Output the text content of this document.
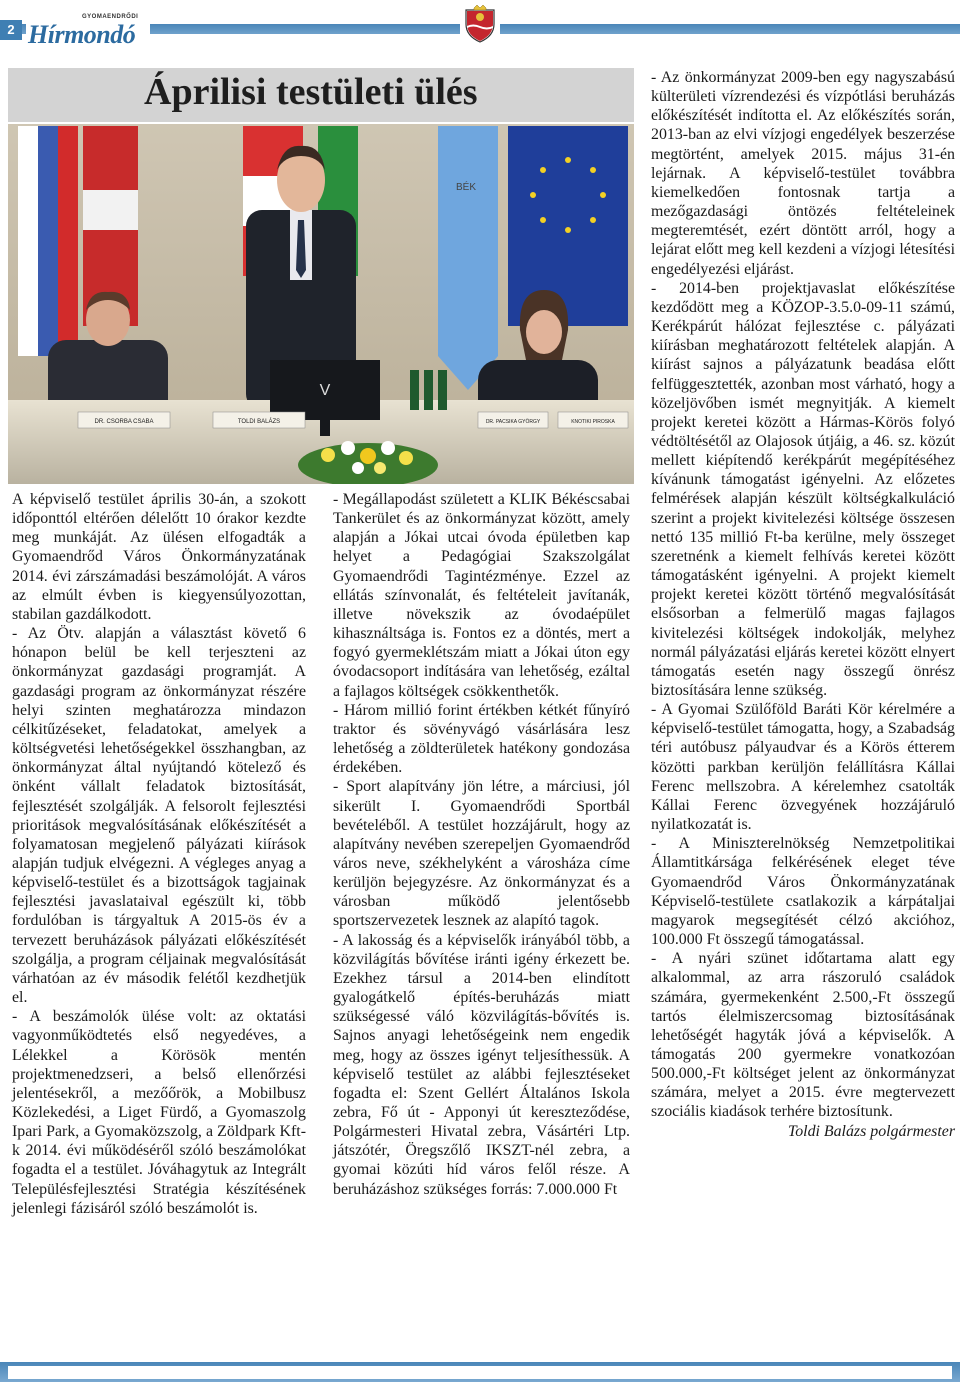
2
GYOMAENDRŐDI
Hírmondó
Áprilisi testületi ülés
BÉK
V
DR. CSORBA CSABA	TOLDI BALÁZS	DR. PACSIKA GYÖRGY	KNOTIKI PIROSKA

A képviselő testület április 30-án, a szokott időponttól eltérően délelőtt 10 órakor kezdte meg munkáját. Az ülésen elfogadták a Gyomaendrőd Város Önkormányzatának 2014. évi zárszámadási beszámolóját. A város az elmúlt évben is kiegyensúlyozottan, stabilan gazdálkodott.

- Az Ötv. alapján a választást követő 6 hónapon belül be kell terjeszteni az önkormányzat gazdasági programját. A gazdasági program az önkormányzat részére helyi szinten meghatározza mindazon célkitűzéseket, feladatokat, amelyek a költségvetési lehetőségekkel összhangban, az önkormányzat által nyújtandó kötelező és önként vállalt feladatok biztosítását, fejlesztését szolgálják. A felsorolt fejlesztési prioritások megvalósításának előkészítését a folyamatosan megjelenő pályázati kiírások alapján tudjuk elvégezni. A végleges anyag a képviselő-testület és a bizottságok tagjainak fejlesztési javaslataival egészült ki, több fordulóban is tárgyaltuk A 2015-ös év a tervezett beruházások pályázati előkészítését szolgálja, a program céljainak megvalósítását várhatóan az év második felétől kezdhetjük el.

- A beszámolók ülése volt: az oktatási vagyonműködtetés első negyedéves, a Lélekkel a Körösök mentén projektmenedzseri, a belső ellenőrzési jelentésekről, a mezőőrök, a Mobilbusz Közlekedési, a Liget Fürdő, a Gyomaszolg Ipari Park, a Gyomaközszolg, a Zöldpark Kft-k 2014. évi működéséről szóló beszámolókat fogadta el a testület. Jóváhagytuk az Integrált Településfejlesztési Stratégia készítésének jelenlegi fázisáról szóló beszámolót is.

- Megállapodást született a KLIK Békéscsabai Tankerület és az önkormányzat között, amely alapján a Jókai utcai óvoda épületben kap helyet a Pedagógiai Szakszolgálat Gyomaendrődi Tagintézménye. Ezzel az ellátás színvonalát, és feltételeit javítanák, illetve növekszik az óvodaépület kihasználtsága is. Fontos ez a döntés, mert a fogyó gyermeklétszám miatt a Jókai úton egy óvodacsoport indítására van lehetőség, ezáltal a fajlagos költségek csökkenthetők.

- Három millió forint értékben kétkét fűnyíró traktor és sövényvágó vásárlására lesz lehetőség a zöldterületek hatékony gondozása érdekében.

- Sport alapítvány jön létre, a márciusi, jól sikerült I. Gyomaendrődi Sportbál bevételéből. A testület hozzájárult, hogy az alapítvány nevében szerepeljen Gyomaendrőd város neve, székhelyként a városháza címe kerüljön bejegyzésre. Az önkormányzat és a városban működő jelentősebb sportszervezetek lesznek az alapító tagok.

- A lakosság és a képviselők irányából több, a közvilágítás bővítése iránti igény érkezett be. Ezekhez társul a 2014-ben elindított gyalogátkelő építés-beruházás miatt szükségessé váló közvilágítás-bővítés is. Sajnos anyagi lehetőségeink nem engedik meg, hogy az összes igényt teljesíthessük. A képviselő testület az alábbi fejlesztéseket fogadta el: Szent Gellért Általános Iskola zebra, Fő út - Apponyi út kereszteződése, Polgármesteri Hivatal zebra, Vásártéri Ltp. játszótér, Öregszőlő IKSZT-nél zebra, a gyomai közúti híd város felől része. A beruházáshoz szükséges forrás: 7.000.000 Ft

- Az önkormányzat 2009-ben egy nagyszabású külterületi vízrendezési és vízpótlási beruházás előkészítését indította el. Az előkészítés során, 2013-ban az elvi vízjogi engedélyek beszerzése megtörtént, amelyek 2015. május 31-én lejárnak. A képviselő-testület továbbra kiemelkedően fontosnak tartja a mezőgazdasági öntözés feltételeinek megteremtését, ezért döntött arról, hogy a lejárat előtt meg kell kezdeni a vízjogi létesítési engedélyezési eljárást.

- 2014-ben projektjavaslat előkészítése kezdődött meg a KÖZOP-3.5.0-09-11 számú, Kerékpárút hálózat fejlesztése c. pályázati kiírásban meghatározott feltételek alapján. A kiírást sajnos a pályázatunk beadása előtt felfüggesztették, azonban most várható, hogy a közeljövőben ismét megnyitják. A kiemelt projekt keretei között a Hármas-Körös folyó védtöltésétől az Olajosok útjáig, a 46. sz. közút mellett kiépítendő kerékpárút megépítéséhez kívánunk támogatást igényelni. Az előzetes felmérések alapján készült költségkalkuláció szerint a projekt kivitelezési költsége összesen nettó 135 millió Ft-ba kerülne, mely összeget szeretnénk a kiemelt felhívás keretei között támogatásként igényelni. A projekt kiemelt projekt keretei között történő megvalósítását elsősorban a felmerülő magas fajlagos kivitelezési költségek indokolják, melyhez normál pályázatási eljárás keretei között elnyert támogatás esetén nagy összegű önrész biztosítására lenne szükség.

- A Gyomai Szülőföld Baráti Kör kérelmére a képviselő-testület támogatta, hogy, a Szabadság téri autóbusz pályaudvar és a Körös étterem közötti parkban kerüljön felállításra Kállai Ferenc mellszobra. A kérelemhez csatolták Kállai Ferenc özvegyének hozzájáruló nyilatkozatát is.

- A Miniszterelnökség Nemzetpolitikai Államtitkársága felkérésének eleget téve Gyomaendrőd Város Önkormányzatának Képviselő-testülete csatlakozik a kárpátaljai magyarok megsegítését célzó akcióhoz, 100.000 Ft összegű támogatással.

- A nyári szünet időtartama alatt egy alkalommal, az arra rászoruló családok számára, gyermekenként 2.500,-Ft összegű tartós élelmiszercsomag biztosításának lehetőségét hagyták jóvá a képviselők. A támogatás 200 gyermekre vonatkozóan 500.000,-Ft költséget jelent az önkormányzat számára, melyet a 2015. évre megtervezett szociális kiadások terhére biztosítunk.

Toldi Balázs polgármester
